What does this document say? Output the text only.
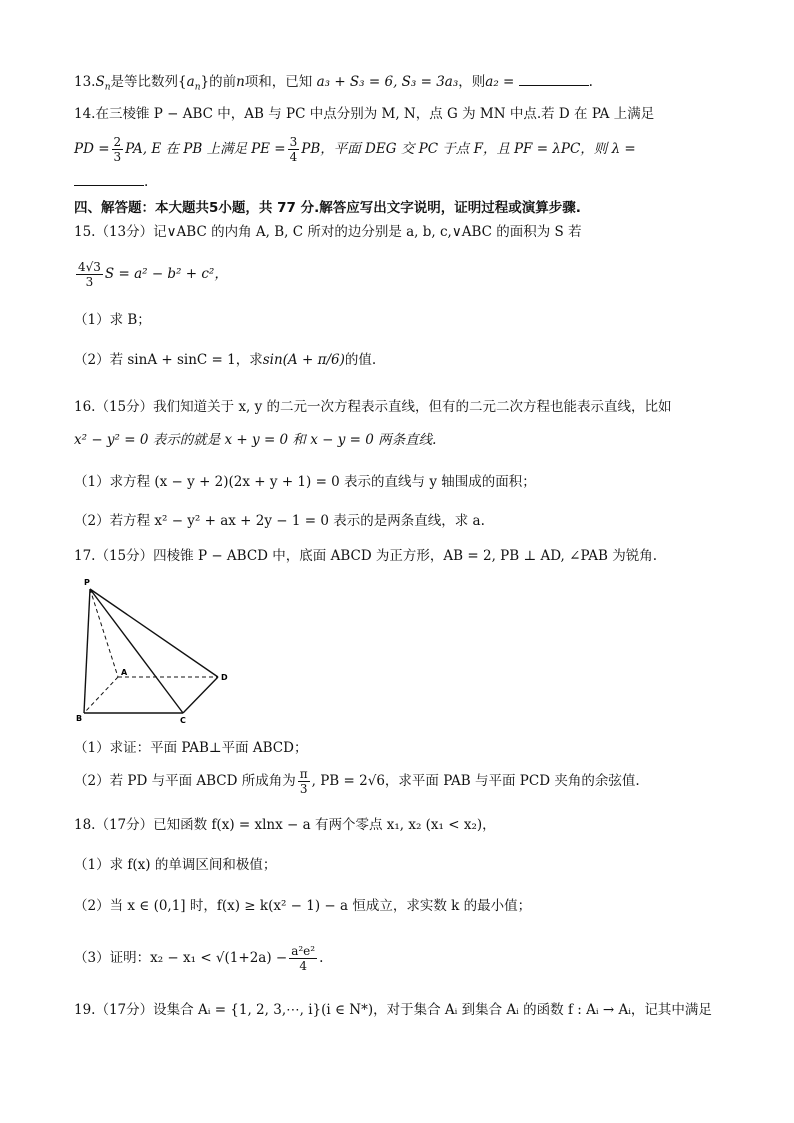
$13.S_n$是等比数列$\{a_n\}$的前n项和，已知 a₃ + S₃ = 6, S₃ = 3a₃，则a₂ =	.
14.在三棱锥 P − ABC 中，AB 与 PC 中点分别为 M, N，点 G 为 MN 中点.若 D 在 PA 上满足
PD = $\frac{2}{3}$ PA, E 在 PB 上满足 PE = $\frac{3}{4}$ PB，平面 DEG 交 PC 于点 F，且 PF = λPC，则 λ =
.
四、解答题：本大题共5小题，共 77 分.解答应写出文字说明，证明过程或演算步骤.
15.（13分）记∨ABC 的内角 A, B, C 所对的边分别是 a, b, c,∨ABC 的面积为 S 若
$\frac{4√3}{3}$ S = a² − b² + c²，
（1）求 B；
（2）若 sinA + sinC = 1，求sin(A + π/6)的值.
16.（15分）我们知道关于 x, y 的二元一次方程表示直线，但有的二元二次方程也能表示直线，比如
x² − y² = 0 表示的就是 x + y = 0 和 x − y = 0 两条直线.
（1）求方程 (x − y + 2)(2x + y + 1) = 0 表示的直线与 y 轴围成的面积；
（2）若方程 x² − y² + ax + 2y − 1 = 0 表示的是两条直线，求 a.
17.（15分）四棱锥 P − ABCD 中，底面 ABCD 为正方形，AB = 2, PB ⊥ AD, ∠PAB 为锐角.
P
A
B	C
D
（1）求证：平面 PAB⊥平面 ABCD；
（2）若 PD 与平面 ABCD 所成角为 $\frac{\pi}{3}$ , PB = 2√6，求平面 PAB 与平面 PCD 夹角的余弦值.
18.（17分）已知函数 f(x) = xlnx − a 有两个零点 x₁, x₂ (x₁ < x₂)，
（1）求 f(x) 的单调区间和极值；
（2）当 x ∈ (0,1] 时，f(x) ≥ k(x² − 1) − a 恒成立，求实数 k 的最小值；
（3）证明：$x_2 - x_1 < √(1+2a) - \frac{\text{a²e²}}{4}$ .
19.（17分）设集合 Aᵢ = {1, 2, 3,⋯, i}(i ∈ N*)，对于集合 Aᵢ 到集合 Aᵢ 的函数 f : Aᵢ → Aᵢ，记其中满足
